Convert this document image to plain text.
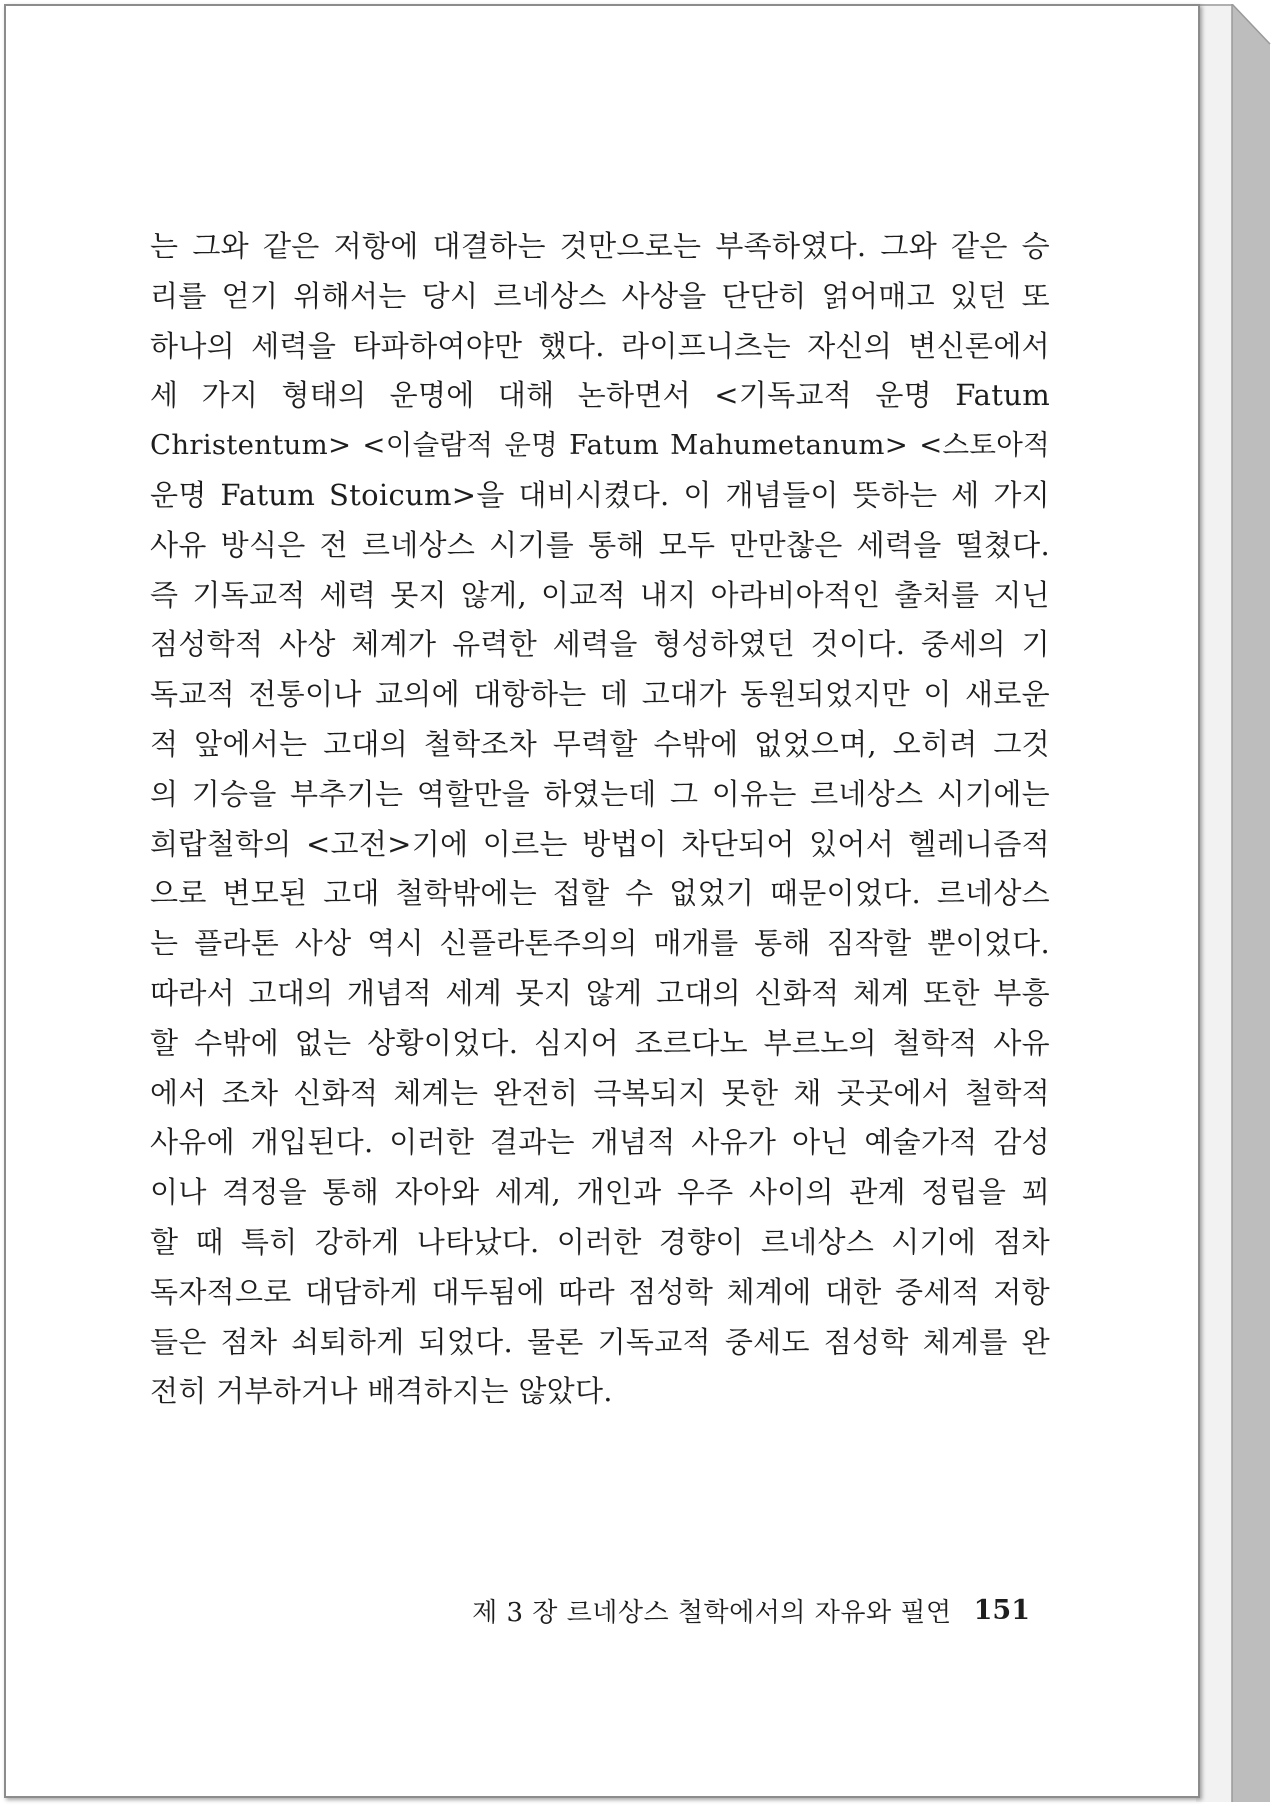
는 그와 같은 저항에 대결하는 것만으로는 부족하였다. 그와 같은 승
리를 얻기 위해서는 당시 르네상스 사상을 단단히 얽어매고 있던 또
하나의 세력을 타파하여야만 했다. 라이프니츠는 자신의 변신론에서
세 가지 형태의 운명에 대해 논하면서 <기독교적 운명 Fatum
Christentum> <이슬람적 운명 Fatum Mahumetanum> <스토아적
운명 Fatum Stoicum>을 대비시켰다. 이 개념들이 뜻하는 세 가지
사유 방식은 전 르네상스 시기를 통해 모두 만만찮은 세력을 떨쳤다.
즉 기독교적 세력 못지 않게, 이교적 내지 아라비아적인 출처를 지닌
점성학적 사상 체계가 유력한 세력을 형성하였던 것이다. 중세의 기
독교적 전통이나 교의에 대항하는 데 고대가 동원되었지만 이 새로운
적 앞에서는 고대의 철학조차 무력할 수밖에 없었으며, 오히려 그것
의 기승을 부추기는 역할만을 하였는데 그 이유는 르네상스 시기에는
희랍철학의 <고전>기에 이르는 방법이 차단되어 있어서 헬레니즘적
으로 변모된 고대 철학밖에는 접할 수 없었기 때문이었다. 르네상스
는 플라톤 사상 역시 신플라톤주의의 매개를 통해 짐작할 뿐이었다.
따라서 고대의 개념적 세계 못지 않게 고대의 신화적 체계 또한 부흥
할 수밖에 없는 상황이었다. 심지어 조르다노 부르노의 철학적 사유
에서 조차 신화적 체계는 완전히 극복되지 못한 채 곳곳에서 철학적
사유에 개입된다. 이러한 결과는 개념적 사유가 아닌 예술가적 감성
이나 격정을 통해 자아와 세계, 개인과 우주 사이의 관계 정립을 꾀
할 때 특히 강하게 나타났다. 이러한 경향이 르네상스 시기에 점차
독자적으로 대담하게 대두됨에 따라 점성학 체계에 대한 중세적 저항
들은 점차 쇠퇴하게 되었다. 물론 기독교적 중세도 점성학 체계를 완
전히 거부하거나 배격하지는 않았다.
제 3 장 르네상스 철학에서의 자유와 필연 151
